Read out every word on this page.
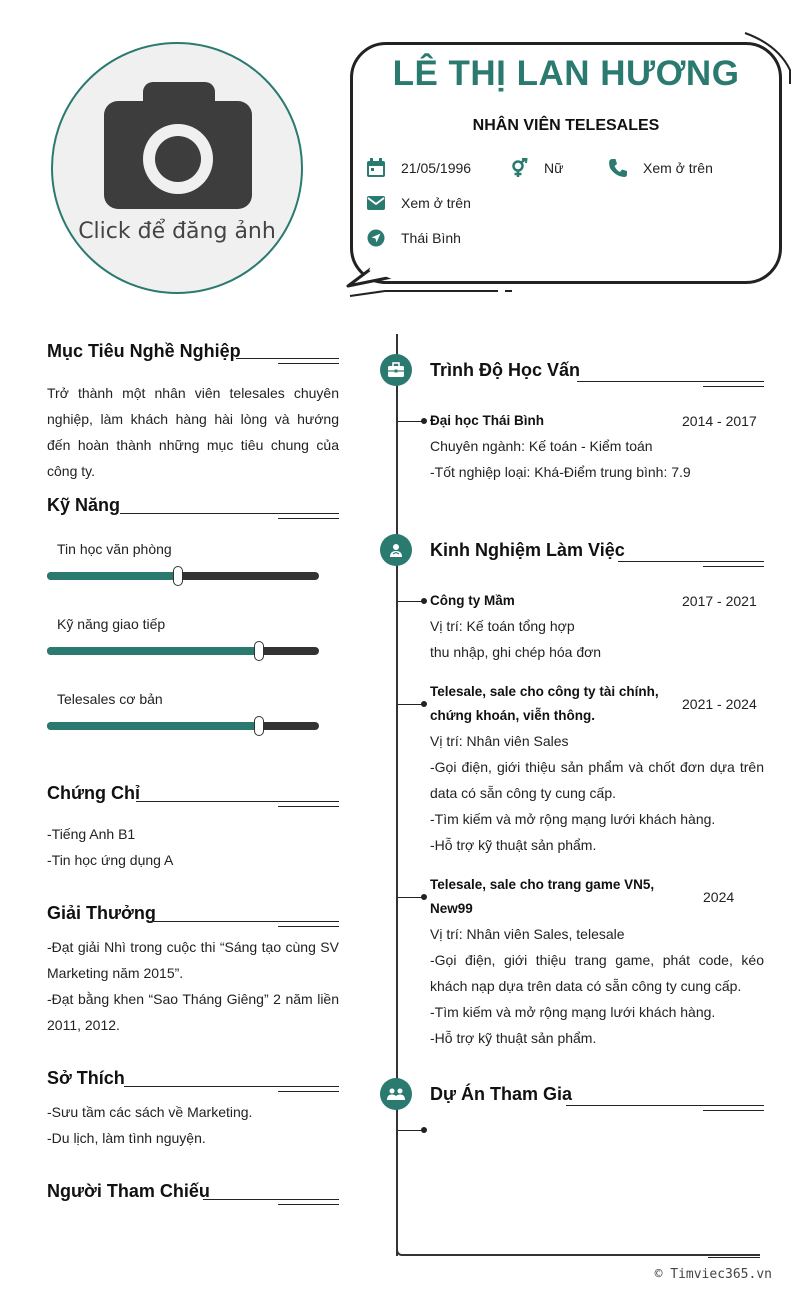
Click để đăng ảnh
LÊ THỊ LAN HƯƠNG
NHÂN VIÊN TELESALES
21/05/1996	Nữ	Xem ở trên
Xem ở trên
Thái Bình
Mục Tiêu Nghề Nghiệp
Trở thành một nhân viên telesales chuyên nghiệp, làm khách hàng hài lòng và hướng đến hoàn thành những mục tiêu chung của công ty.
Kỹ Năng
Tin học văn phòng
Kỹ năng giao tiếp
Telesales cơ bản
Chứng Chỉ
-Tiếng Anh B1
-Tin học ứng dụng A
Giải Thưởng
-Đạt giải Nhì trong cuộc thi “Sáng tạo cùng SV Marketing năm 2015”.
-Đạt bằng khen “Sao Tháng Giêng” 2 năm liền 2011, 2012.
Sở Thích
-Sưu tầm các sách về Marketing.
-Du lịch, làm tình nguyện.
Người Tham Chiếu
Trình Độ Học Vấn
Đại học Thái Bình	2014 - 2017
Chuyên ngành: Kế toán - Kiểm toán
-Tốt nghiệp loại: Khá-Điểm trung bình: 7.9
Kinh Nghiệm Làm Việc
Công ty Mầm	2017 - 2021
Vị trí: Kế toán tổng hợp
thu nhập, ghi chép hóa đơn
Telesale, sale cho công ty tài chính,
chứng khoán, viễn thông.
2021 - 2024
Vị trí: Nhân viên Sales
-Gọi điện, giới thiệu sản phẩm và chốt đơn dựa trên data có sẵn công ty cung cấp.
-Tìm kiếm và mở rộng mạng lưới khách hàng.
-Hỗ trợ kỹ thuật sản phẩm.
Telesale, sale cho trang game VN5,
New99
2024
Vị trí: Nhân viên Sales, telesale
-Gọi điện, giới thiệu trang game, phát code, kéo khách nạp dựa trên data có sẵn công ty cung cấp.
-Tìm kiếm và mở rộng mạng lưới khách hàng.
-Hỗ trợ kỹ thuật sản phẩm.
Dự Án Tham Gia
© Timviec365.vn
